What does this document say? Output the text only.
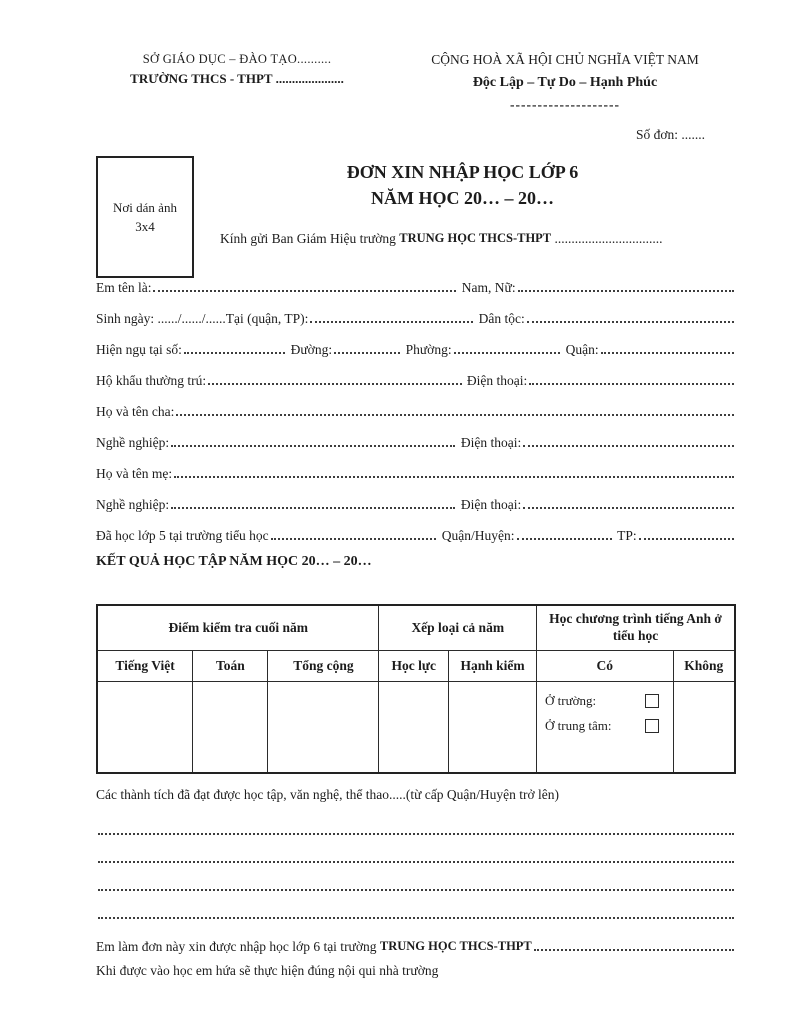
SỞ GIÁO DỤC – ĐÀO TẠO..........
TRƯỜNG THCS - THPT .....................
CỘNG HOÀ XÃ HỘI CHỦ NGHĨA VIỆT NAM
Độc Lập – Tự Do – Hạnh Phúc
--------------------
Số đơn: .......
Nơi dán ảnh
3x4
ĐƠN XIN NHẬP HỌC LỚP 6
NĂM HỌC 20… – 20…
Kính gửi Ban Giám Hiệu trường TRUNG HỌC THCS-THPT ................................
Em tên là:	Nam, Nữ:
Sinh ngày: ....../....../......Tại (quận, TP):	Dân tộc:
Hiện ngụ tại số:	Đường:	Phường:	Quận:
Hộ khẩu thường trú:	Điện thoại:
Họ và tên cha:
Nghề nghiệp:	Điện thoại:
Họ và tên mẹ:
Nghề nghiệp:	Điện thoại:
Đã học lớp 5 tại trường tiểu học	Quận/Huyện:	TP:
KẾT QUẢ HỌC TẬP NĂM HỌC 20… – 20…
Điểm kiểm tra cuối năm			Xếp loại cả năm		Học chương trình tiếng Anh ở tiểu học	
Tiếng Việt	Toán	Tổng cộng	Học lực	Hạnh kiểm	Có	Không

					Ở trường:
Ở trung tâm:	

Các thành tích đã đạt được học tập, văn nghệ, thể thao.....(từ cấp Quận/Huyện trở lên)
Em làm đơn này xin được nhập học lớp 6 tại trường TRUNG HỌC THCS-THPT
Khi được vào học em hứa sẽ thực hiện đúng nội qui nhà trường
